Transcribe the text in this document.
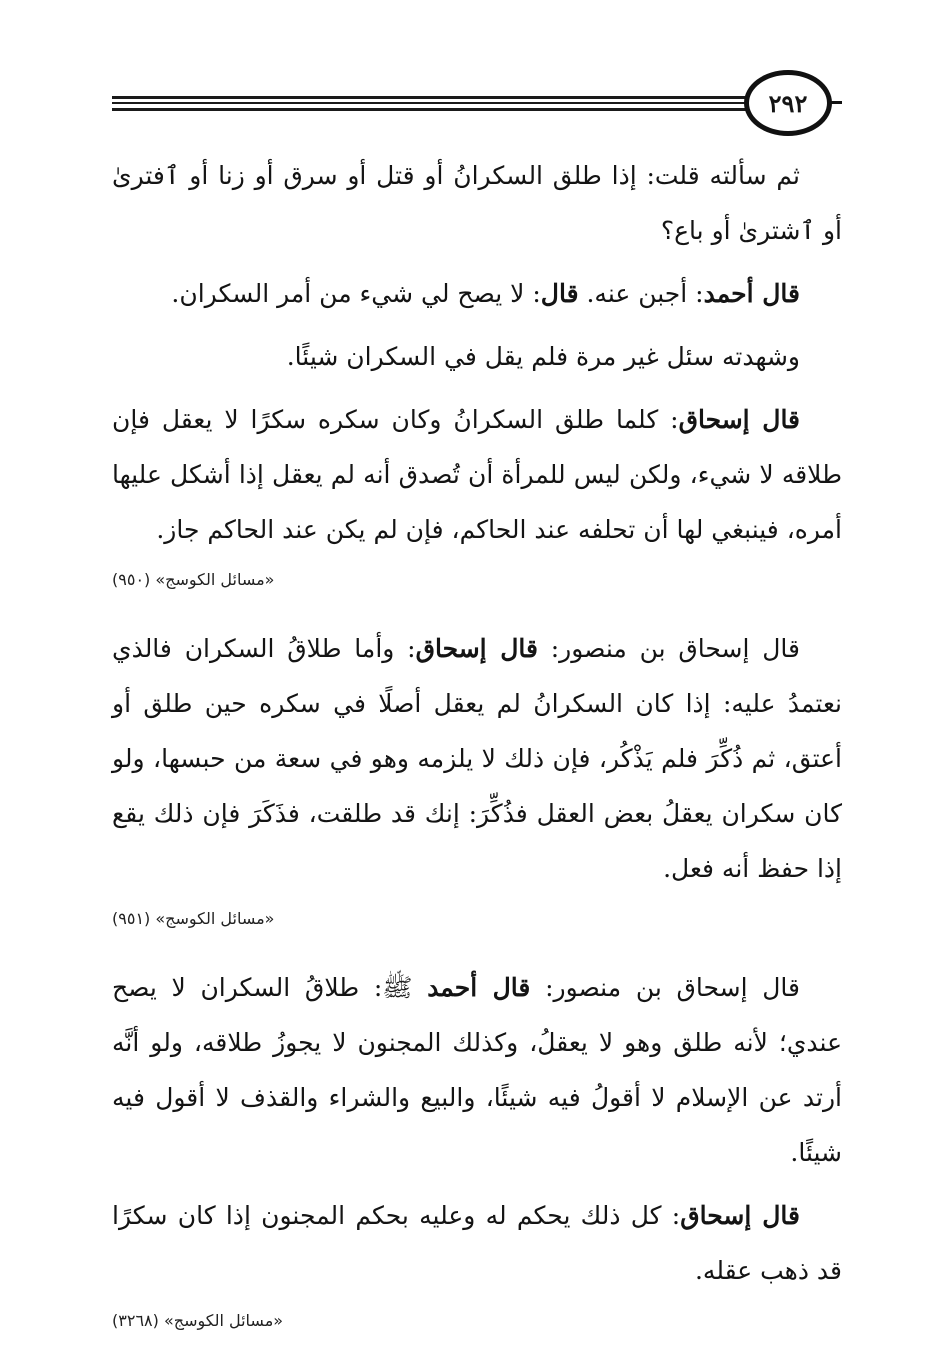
٢٩٢

ثم سألته قلت: إذا طلق السكرانُ أو قتل أو سرق أو زنا أو ٱفترىٰ أو ٱشترىٰ أو باع؟

قال أحمد: أجبن عنه. قال: لا يصح لي شيء من أمر السكران.

وشهدته سئل غير مرة فلم يقل في السكران شيئًا.

قال إسحاق: كلما طلق السكرانُ وكان سكره سكرًا لا يعقل فإن طلاقه لا شيء، ولكن ليس للمرأة أن تُصدق أنه لم يعقل إذا أشكل عليها أمره، فينبغي لها أن تحلفه عند الحاكم، فإن لم يكن عند الحاكم جاز.

«مسائل الكوسج» (٩٥٠)

قال إسحاق بن منصور: قال إسحاق: وأما طلاقُ السكران فالذي نعتمدُ عليه: إذا كان السكرانُ لم يعقل أصلًا في سكره حين طلق أو أعتق، ثم ذُكِّرَ فلم يَذْكُر، فإن ذلك لا يلزمه وهو في سعة من حبسها، ولو كان سكران يعقلُ بعض العقل فذُكِّرَ: إنك قد طلقت، فذَكَرَ فإن ذلك يقع إذا حفظ أنه فعل.

«مسائل الكوسج» (٩٥١)

قال إسحاق بن منصور: قال أحمد ﷺ: طلاقُ السكران لا يصح عندي؛ لأنه طلق وهو لا يعقلُ، وكذلك المجنون لا يجوزُ طلاقه، ولو أنَّه أرتد عن الإسلام لا أقولُ فيه شيئًا، والبيع والشراء والقذف لا أقول فيه شيئًا.

قال إسحاق: كل ذلك يحكم له وعليه بحكم المجنون إذا كان سكرًا قد ذهب عقله.

«مسائل الكوسج» (٣٢٦٨)
